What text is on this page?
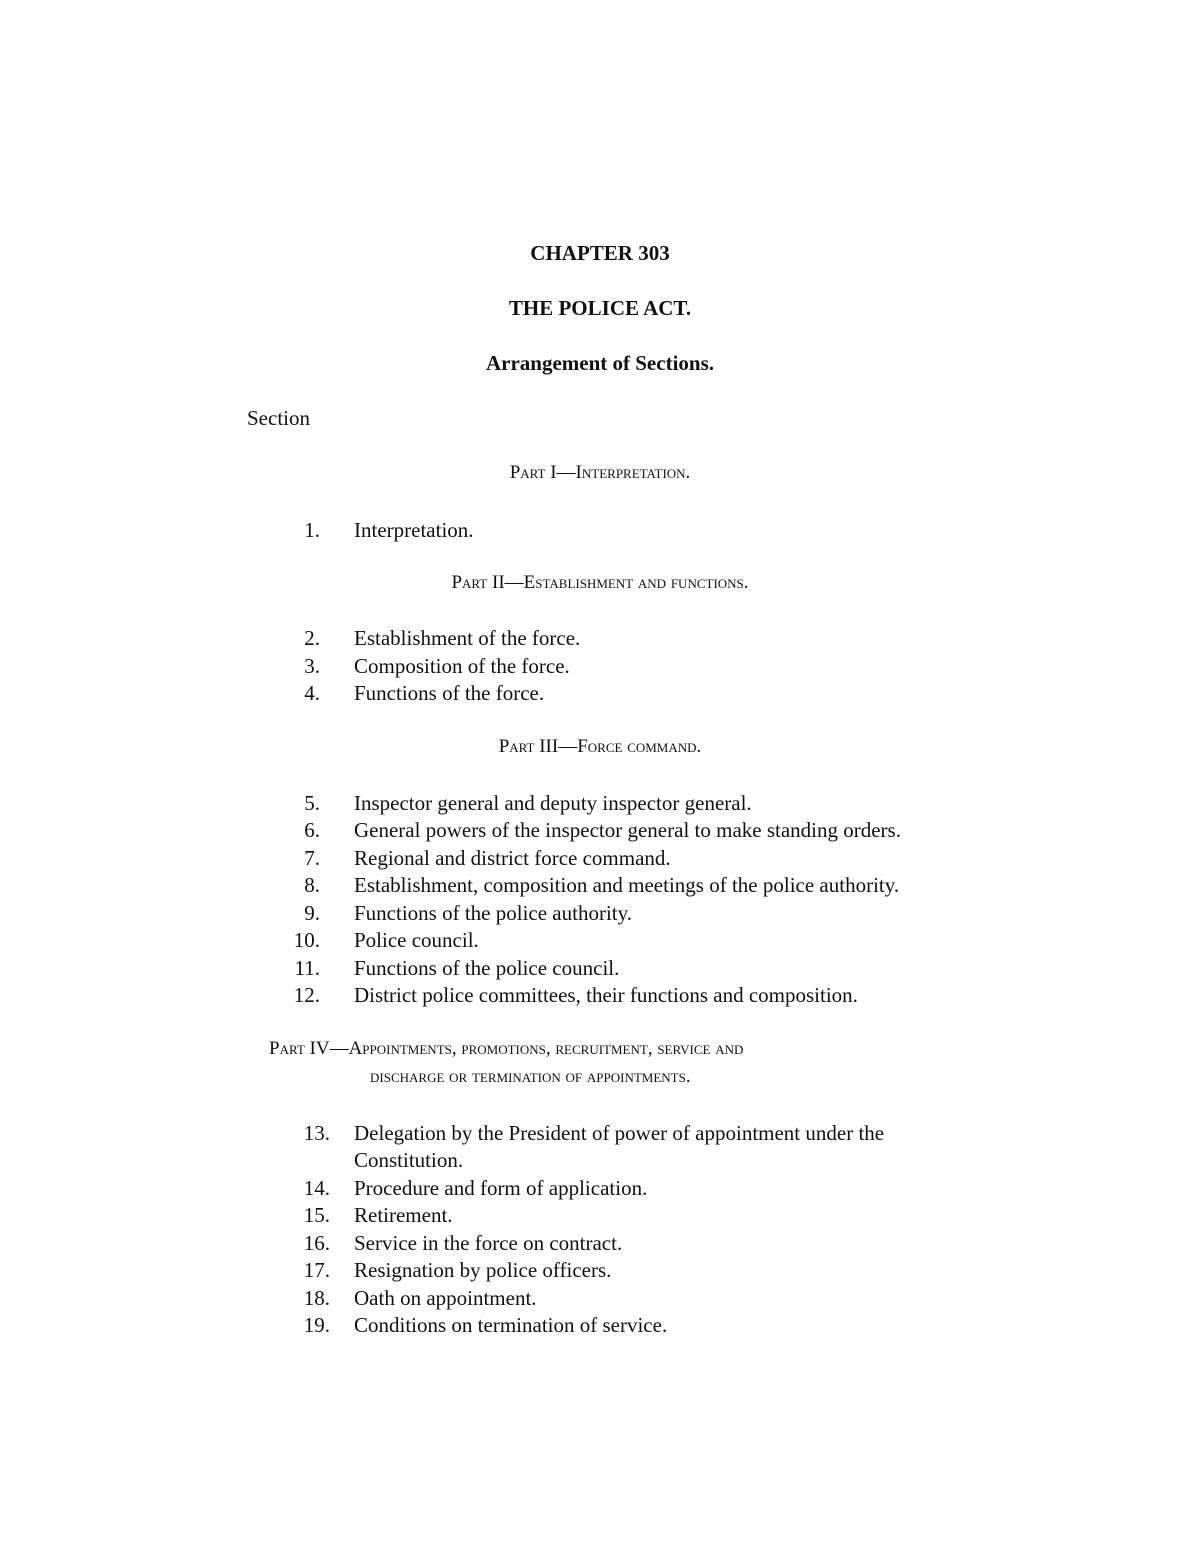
CHAPTER 303
THE POLICE ACT.
Arrangement of Sections.
Section
Part I—Interpretation.
1. Interpretation.
Part II—Establishment and functions.
2. Establishment of the force.
3. Composition of the force.
4. Functions of the force.
Part III—Force command.
5. Inspector general and deputy inspector general.
6. General powers of the inspector general to make standing orders.
7. Regional and district force command.
8. Establishment, composition and meetings of the police authority.
9. Functions of the police authority.
10. Police council.
11. Functions of the police council.
12. District police committees, their functions and composition.
Part IV—Appointments, promotions, recruitment, service and
discharge or termination of appointments.
13. Delegation by the President of power of appointment under the
Constitution.
14. Procedure and form of application.
15. Retirement.
16. Service in the force on contract.
17. Resignation by police officers.
18. Oath on appointment.
19. Conditions on termination of service.
